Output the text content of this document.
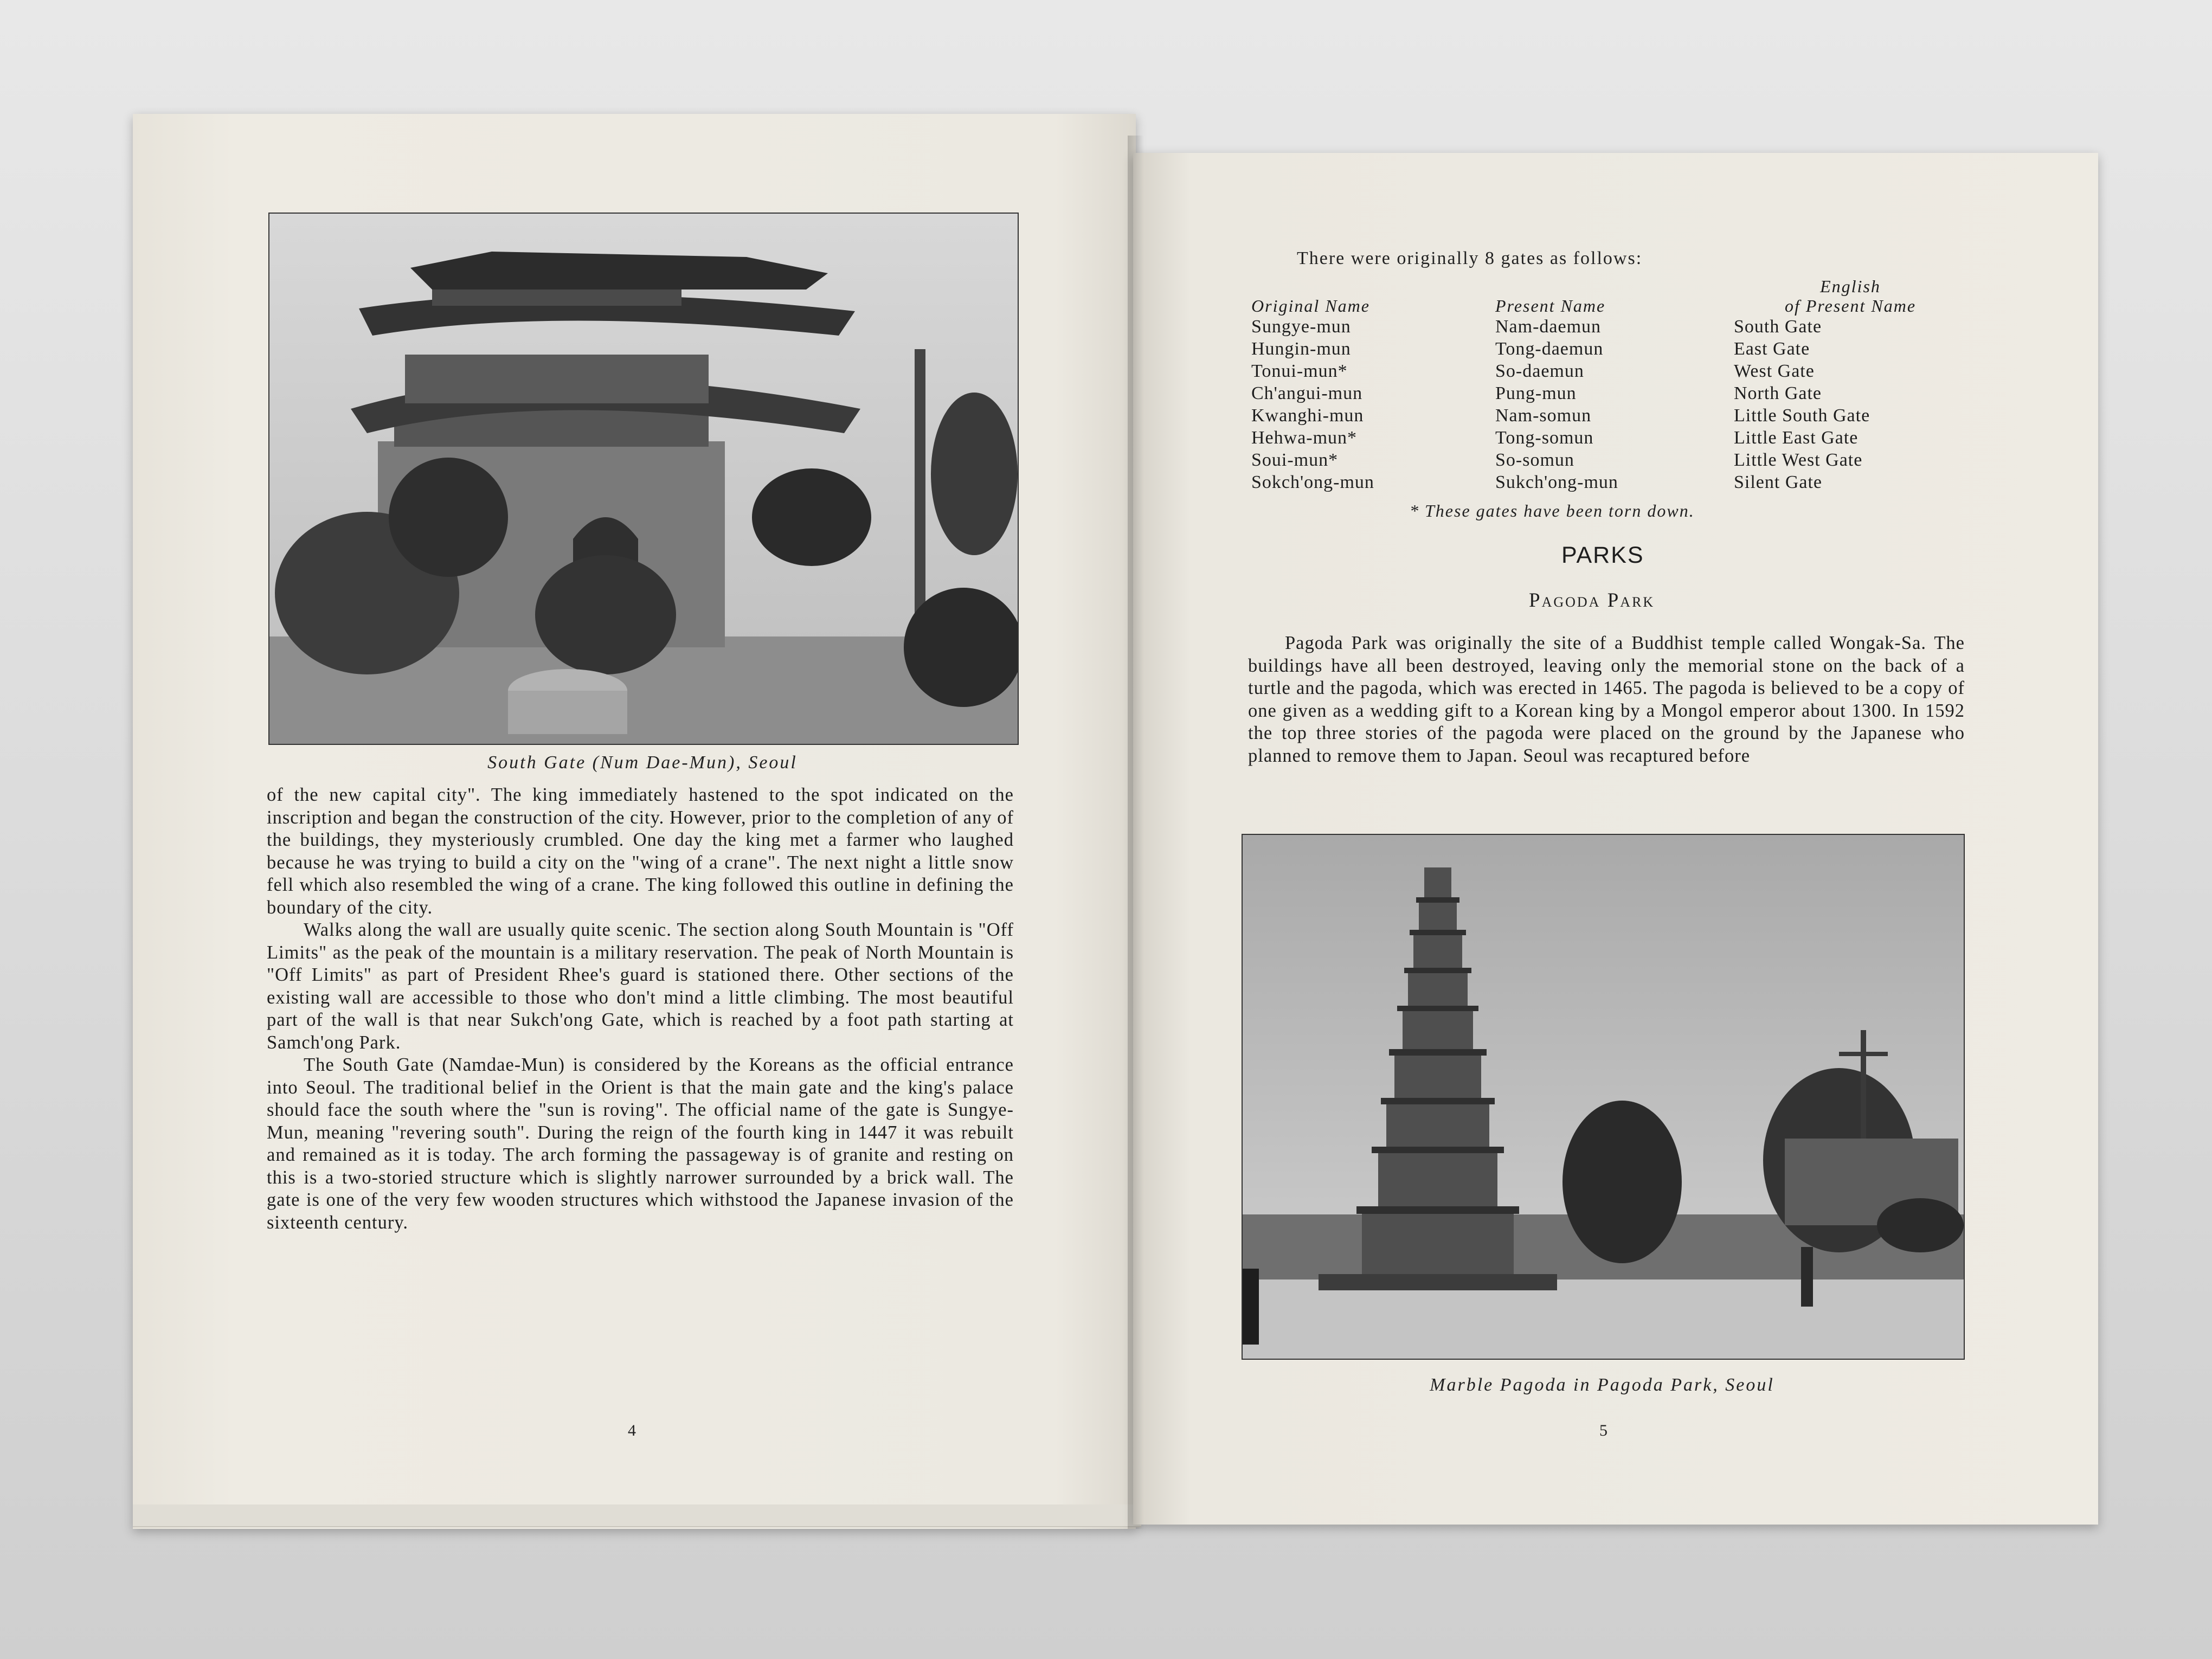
South Gate (Num Dae-Mun), Seoul

of the new capital city". The king immediately hastened to the spot indicated on the inscription and began the construction of the city. However, prior to the completion of any of the buildings, they mysteriously crumbled. One day the king met a farmer who laughed because he was trying to build a city on the "wing of a crane". The next night a little snow fell which also resembled the wing of a crane. The king followed this outline in defining the boundary of the city.

Walks along the wall are usually quite scenic. The section along South Mountain is "Off Limits" as the peak of the mountain is a military reservation. The peak of North Mountain is "Off Limits" as part of President Rhee's guard is stationed there. Other sections of the existing wall are accessible to those who don't mind a little climbing. The most beautiful part of the wall is that near Sukch'ong Gate, which is reached by a foot path starting at Samch'ong Park.

The South Gate (Namdae-Mun) is considered by the Koreans as the official entrance into Seoul. The traditional belief in the Orient is that the main gate and the king's palace should face the south where the "sun is roving". The official name of the gate is Sungye-Mun, meaning "revering south". During the reign of the fourth king in 1447 it was rebuilt and remained as it is today. The arch forming the passageway is of granite and resting on this is a two-storied structure which is slightly narrower surrounded by a brick wall. The gate is one of the very few wooden structures which withstood the Japanese invasion of the sixteenth century.

4
There were originally 8 gates as follows:
Original Name	Present Name	English
of Present Name

Sungye-mun	Nam-daemun	South Gate
Hungin-mun	Tong-daemun	East Gate
Tonui-mun*	So-daemun	West Gate
Ch'angui-mun	Pung-mun	North Gate
Kwanghi-mun	Nam-somun	Little South Gate
Hehwa-mun*	Tong-somun	Little East Gate
Soui-mun*	So-somun	Little West Gate
Sokch'ong-mun	Sukch'ong-mun	Silent Gate
* These gates have been torn down.
PARKS
Pagoda Park

Pagoda Park was originally the site of a Buddhist temple called Wongak-Sa. The buildings have all been destroyed, leaving only the memorial stone on the back of a turtle and the pagoda, which was erected in 1465. The pagoda is believed to be a copy of one given as a wedding gift to a Korean king by a Mongol emperor about 1300. In 1592 the top three stories of the pagoda were placed on the ground by the Japanese who planned to remove them to Japan. Seoul was recaptured before

Marble Pagoda in Pagoda Park, Seoul
5
